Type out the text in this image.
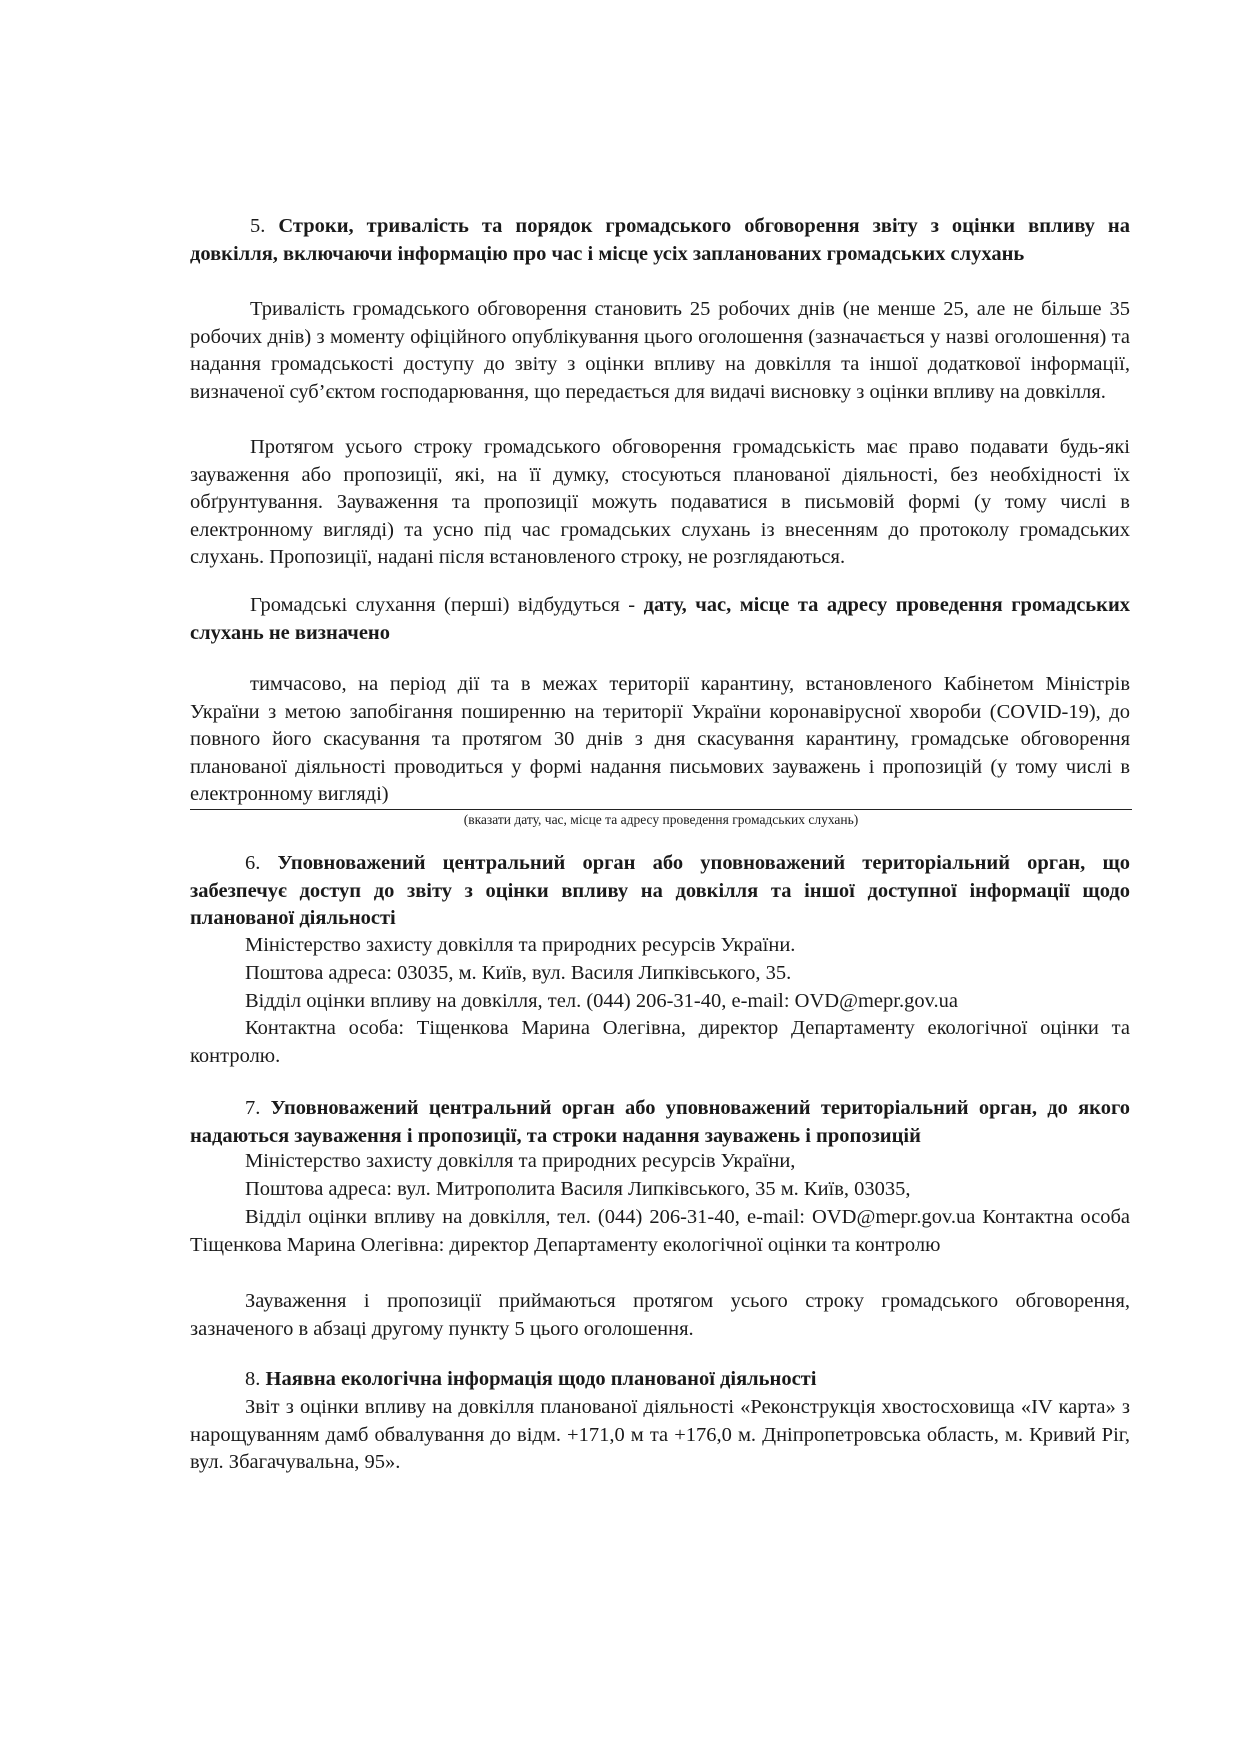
5. Строки, тривалість та порядок громадського обговорення звіту з оцінки впливу на довкілля, включаючи інформацію про час і місце усіх запланованих громадських слухань

Тривалість громадського обговорення становить 25 робочих днів (не менше 25, але не більше 35 робочих днів) з моменту офіційного опублікування цього оголошення (зазначається у назві оголошення) та надання громадськості доступу до звіту з оцінки впливу на довкілля та іншої додаткової інформації, визначеної суб’єктом господарювання, що передається для видачі висновку з оцінки впливу на довкілля.

Протягом усього строку громадського обговорення громадськість має право подавати будь-які зауваження або пропозиції, які, на її думку, стосуються планованої діяльності, без необхідності їх обґрунтування. Зауваження та пропозиції можуть подаватися в письмовій формі (у тому числі в електронному вигляді) та усно під час громадських слухань із внесенням до протоколу громадських слухань. Пропозиції, надані після встановленого строку, не розглядаються.

Громадські слухання (перші) відбудуться - дату, час, місце та адресу проведення громадських слухань не визначено

тимчасово, на період дії та в межах території карантину, встановленого Кабінетом Міністрів України з метою запобігання поширенню на території України коронавірусної хвороби (COVID-19), до повного його скасування та протягом 30 днів з дня скасування карантину, громадське обговорення планованої діяльності проводиться у формі надання письмових зауважень і пропозицій (у тому числі в електронному вигляді)

(вказати дату, час, місце та адресу проведення громадських слухань)

6. Уповноважений центральний орган або уповноважений територіальний орган, що забезпечує доступ до звіту з оцінки впливу на довкілля та іншої доступної інформації щодо планованої діяльності

Міністерство захисту довкілля та природних ресурсів України.

Поштова адреса: 03035, м. Київ, вул. Василя Липківського, 35.

Відділ оцінки впливу на довкілля, тел. (044) 206-31-40, e-mail: OVD@mepr.gov.ua

Контактна особа: Тіщенкова Марина Олегівна, директор Департаменту екологічної оцінки та контролю.

7. Уповноважений центральний орган або уповноважений територіальний орган, до якого надаються зауваження і пропозиції, та строки надання зауважень і пропозицій

Міністерство захисту довкілля та природних ресурсів України,

Поштова адреса: вул. Митрополита Василя Липківського, 35 м. Київ, 03035,

Відділ оцінки впливу на довкілля, тел. (044) 206-31-40, e-mail: OVD@mepr.gov.ua Контактна особа Тіщенкова Марина Олегівна: директор Департаменту екологічної оцінки та контролю

Зауваження і пропозиції приймаються протягом усього строку громадського обговорення, зазначеного в абзаці другому пункту 5 цього оголошення.

8. Наявна екологічна інформація щодо планованої діяльності

Звіт з оцінки впливу на довкілля планованої діяльності «Реконструкція хвостосховища «IV карта» з нарощуванням дамб обвалування до відм. +171,0 м та +176,0 м. Дніпропетровська область, м. Кривий Ріг, вул. Збагачувальна, 95».
